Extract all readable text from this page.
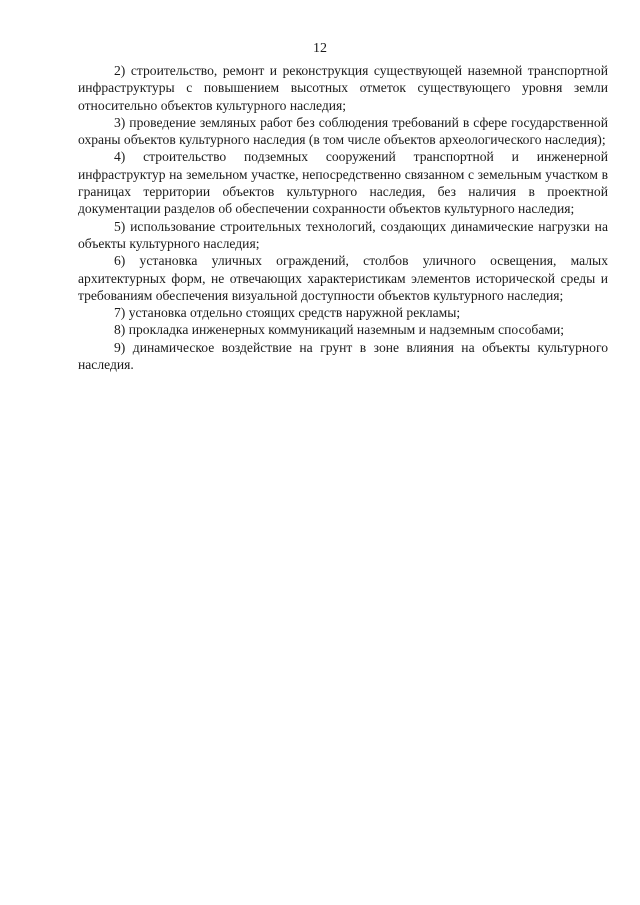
12

2) строительство, ремонт и реконструкция существующей наземной транспортной инфраструктуры с повышением высотных отметок существующего уровня земли относительно объектов культурного наследия;

3) проведение земляных работ без соблюдения требований в сфере государственной охраны объектов культурного наследия (в том числе объектов археологического наследия);

4) строительство подземных сооружений транспортной и инженерной инфраструктур на земельном участке, непосредственно связанном с земельным участком в границах территории объектов культурного наследия, без наличия в проектной документации разделов об обеспечении сохранности объектов культурного наследия;

5) использование строительных технологий, создающих динамические нагрузки на объекты культурного наследия;

6) установка уличных ограждений, столбов уличного освещения, малых архитектурных форм, не отвечающих характеристикам элементов исторической среды и требованиям обеспечения визуальной доступности объектов культурного наследия;

7) установка отдельно стоящих средств наружной рекламы;

8) прокладка инженерных коммуникаций наземным и надземным способами;

9) динамическое воздействие на грунт в зоне влияния на объекты культурного наследия.
